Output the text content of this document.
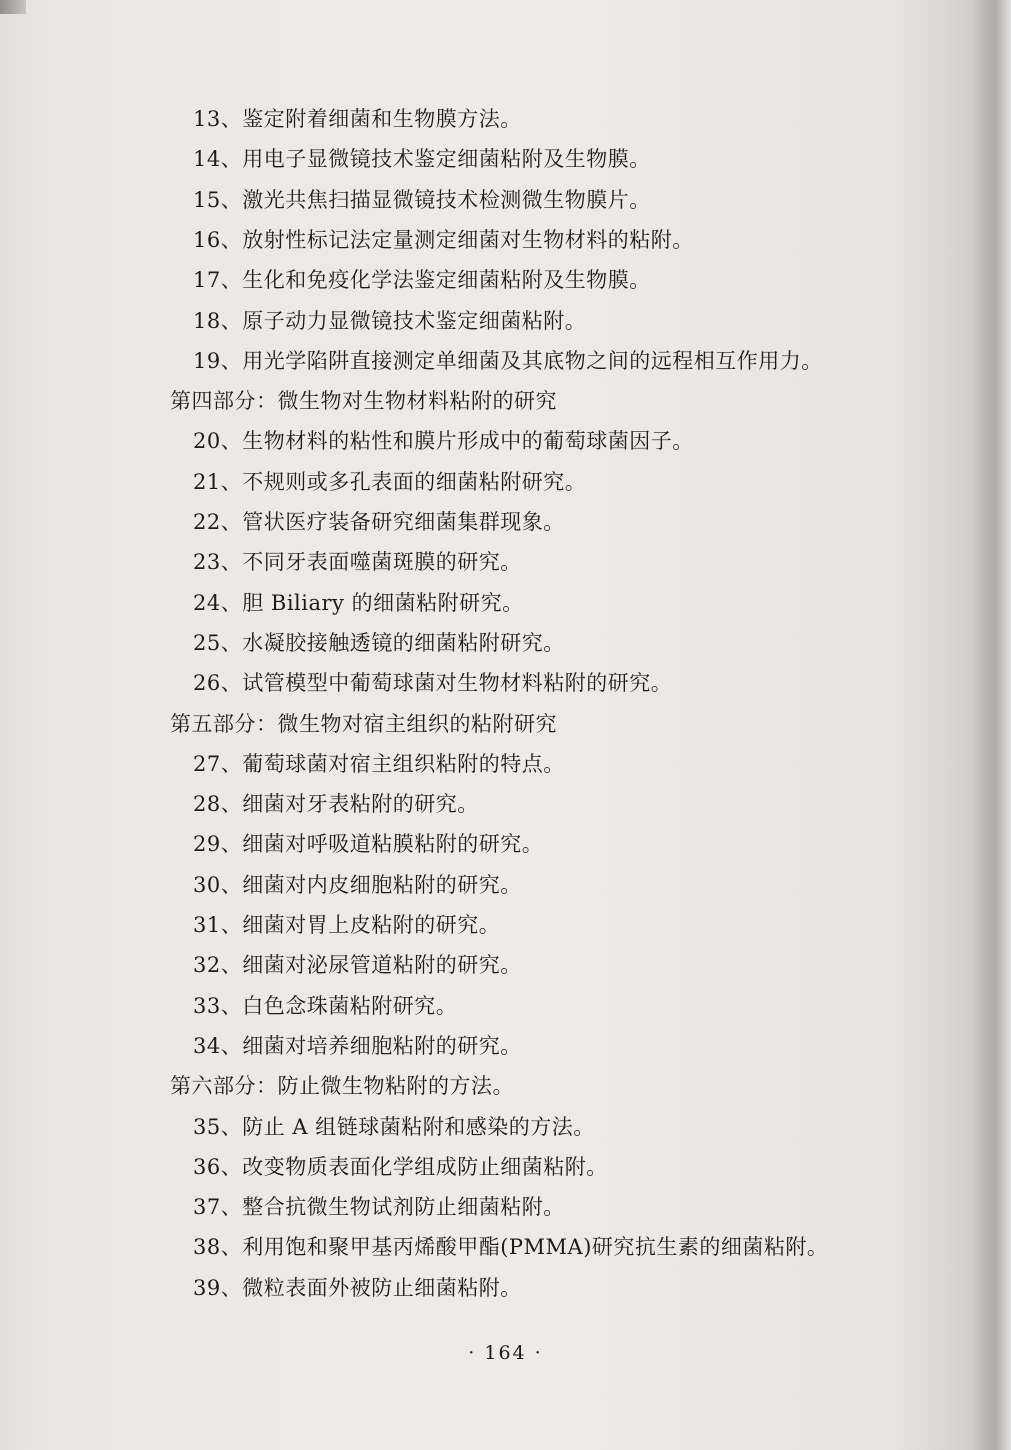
13、鉴定附着细菌和生物膜方法。
14、用电子显微镜技术鉴定细菌粘附及生物膜。
15、激光共焦扫描显微镜技术检测微生物膜片。
16、放射性标记法定量测定细菌对生物材料的粘附。
17、生化和免疫化学法鉴定细菌粘附及生物膜。
18、原子动力显微镜技术鉴定细菌粘附。
19、用光学陷阱直接测定单细菌及其底物之间的远程相互作用力。
第四部分：微生物对生物材料粘附的研究
20、生物材料的粘性和膜片形成中的葡萄球菌因子。
21、不规则或多孔表面的细菌粘附研究。
22、管状医疗装备研究细菌集群现象。
23、不同牙表面噬菌斑膜的研究。
24、胆 Biliary 的细菌粘附研究。
25、水凝胶接触透镜的细菌粘附研究。
26、试管模型中葡萄球菌对生物材料粘附的研究。
第五部分：微生物对宿主组织的粘附研究
27、葡萄球菌对宿主组织粘附的特点。
28、细菌对牙表粘附的研究。
29、细菌对呼吸道粘膜粘附的研究。
30、细菌对内皮细胞粘附的研究。
31、细菌对胃上皮粘附的研究。
32、细菌对泌尿管道粘附的研究。
33、白色念珠菌粘附研究。
34、细菌对培养细胞粘附的研究。
第六部分：防止微生物粘附的方法。
35、防止 A 组链球菌粘附和感染的方法。
36、改变物质表面化学组成防止细菌粘附。
37、整合抗微生物试剂防止细菌粘附。
38、利用饱和聚甲基丙烯酸甲酯(PMMA)研究抗生素的细菌粘附。
39、微粒表面外被防止细菌粘附。
· 164 ·
